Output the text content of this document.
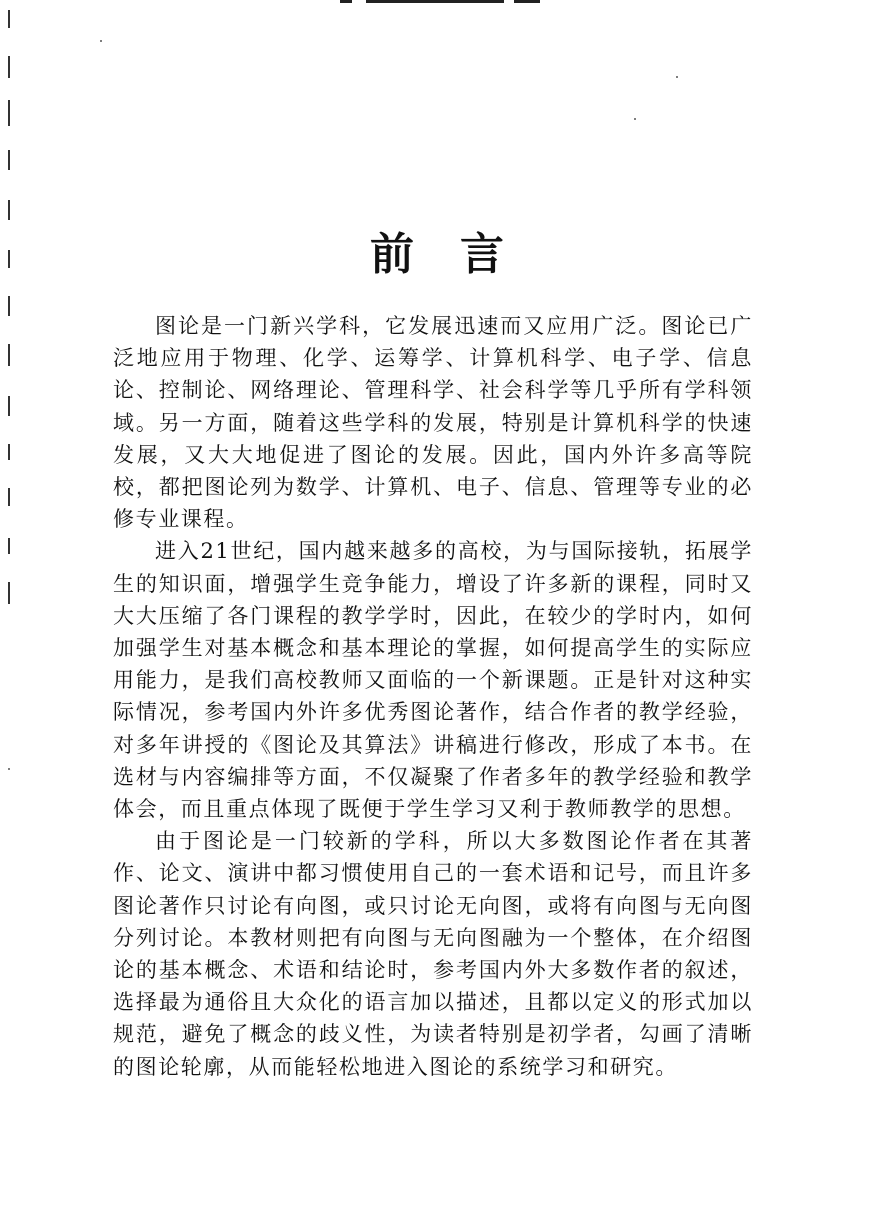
前言

图论是一门新兴学科，它发展迅速而又应用广泛。图论已广泛地应用于物理、化学、运筹学、计算机科学、电子学、信息论、控制论、网络理论、管理科学、社会科学等几乎所有学科领域。另一方面，随着这些学科的发展，特别是计算机科学的快速发展，又大大地促进了图论的发展。因此，国内外许多高等院校，都把图论列为数学、计算机、电子、信息、管理等专业的必修专业课程。

进入21世纪，国内越来越多的高校，为与国际接轨，拓展学生的知识面，增强学生竞争能力，增设了许多新的课程，同时又大大压缩了各门课程的教学学时，因此，在较少的学时内，如何加强学生对基本概念和基本理论的掌握，如何提高学生的实际应用能力，是我们高校教师又面临的一个新课题。正是针对这种实际情况，参考国内外许多优秀图论著作，结合作者的教学经验，对多年讲授的《图论及其算法》讲稿进行修改，形成了本书。在选材与内容编排等方面，不仅凝聚了作者多年的教学经验和教学体会，而且重点体现了既便于学生学习又利于教师教学的思想。

由于图论是一门较新的学科，所以大多数图论作者在其著作、论文、演讲中都习惯使用自己的一套术语和记号，而且许多图论著作只讨论有向图，或只讨论无向图，或将有向图与无向图分列讨论。本教材则把有向图与无向图融为一个整体，在介绍图论的基本概念、术语和结论时，参考国内外大多数作者的叙述，选择最为通俗且大众化的语言加以描述，且都以定义的形式加以规范，避免了概念的歧义性，为读者特别是初学者，勾画了清晰的图论轮廓，从而能轻松地进入图论的系统学习和研究。
